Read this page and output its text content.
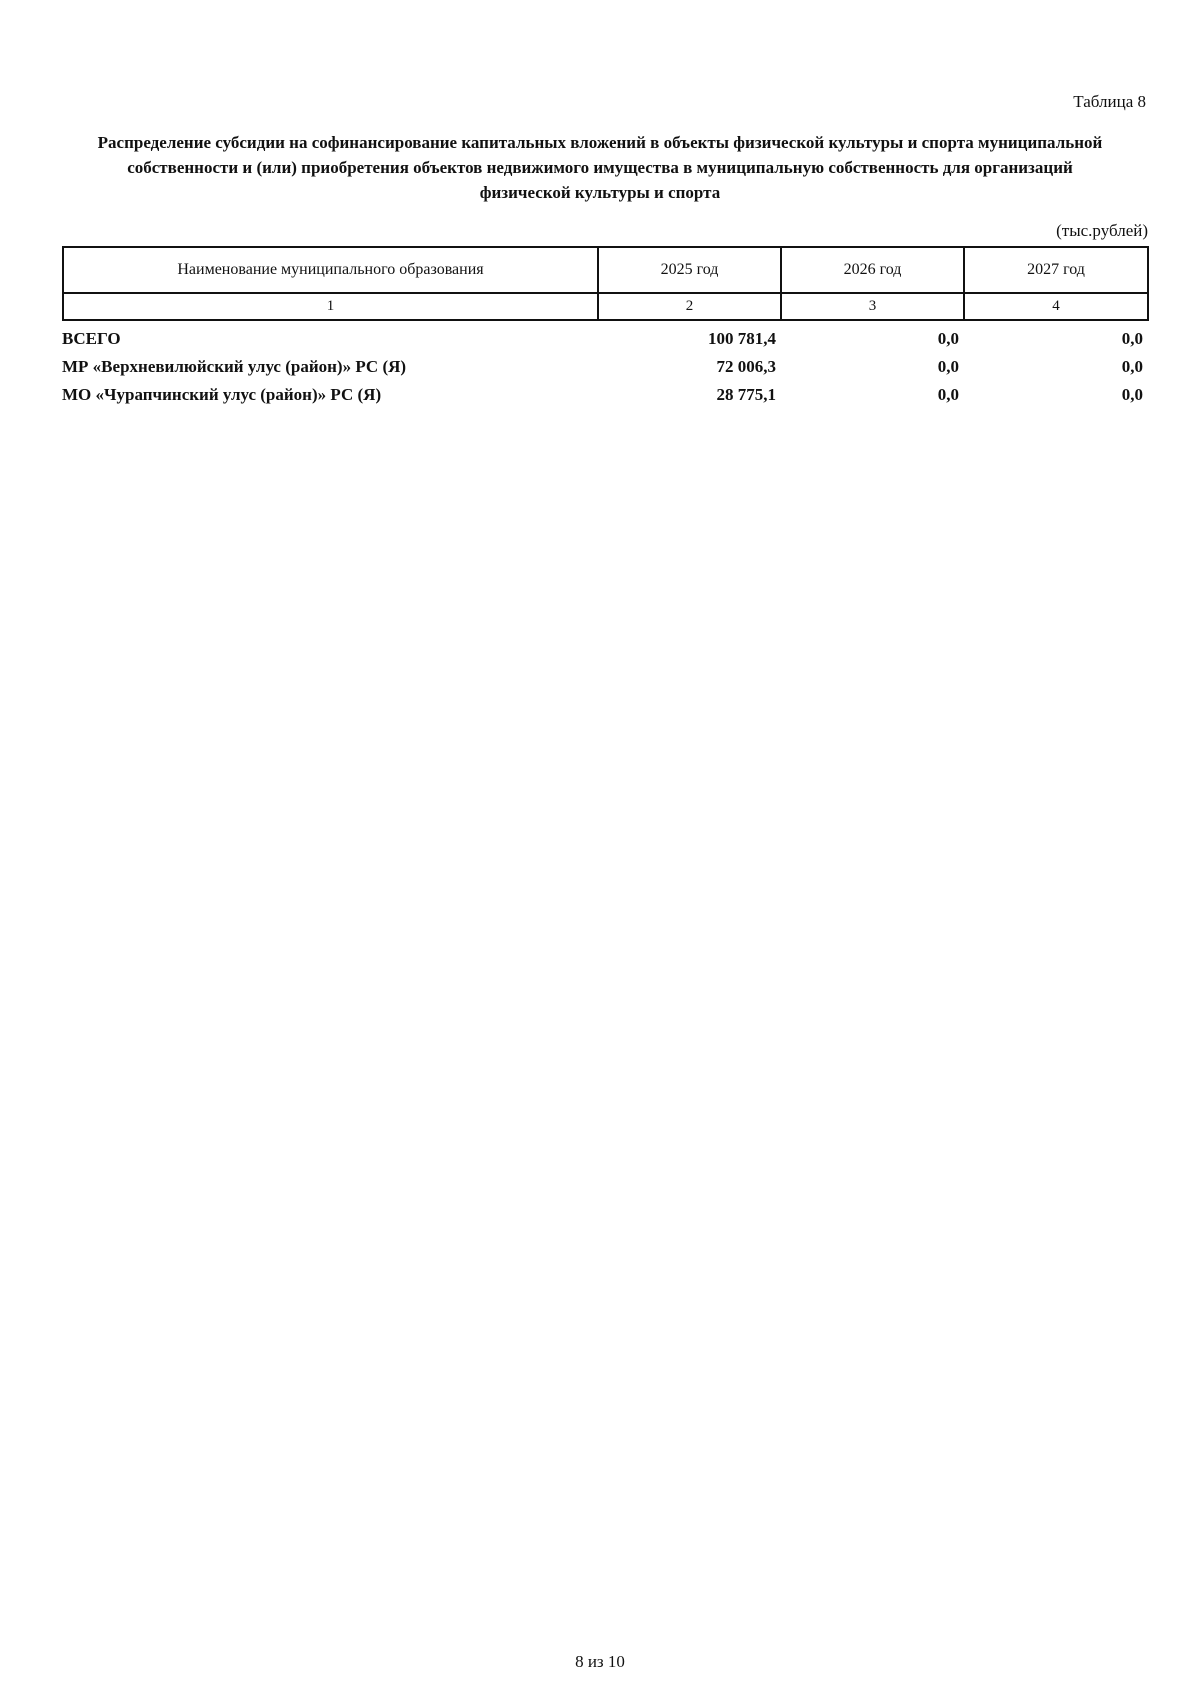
Таблица 8
Распределение субсидии на софинансирование капитальных вложений в объекты физической культуры и спорта муниципальной собственности и (или) приобретения объектов недвижимого имущества в муниципальную собственность для организаций физической культуры и спорта
(тыс.рублей)
Наименование муниципального образования	2025 год	2026 год	2027 год
1	2	3	4
ВСЕГО	100 781,4	0,0	0,0
МР «Верхневилюйский улус (район)» РС (Я)	72 006,3	0,0	0,0
МО «Чурапчинский улус (район)» РС (Я)	28 775,1	0,0	0,0
8 из 10
